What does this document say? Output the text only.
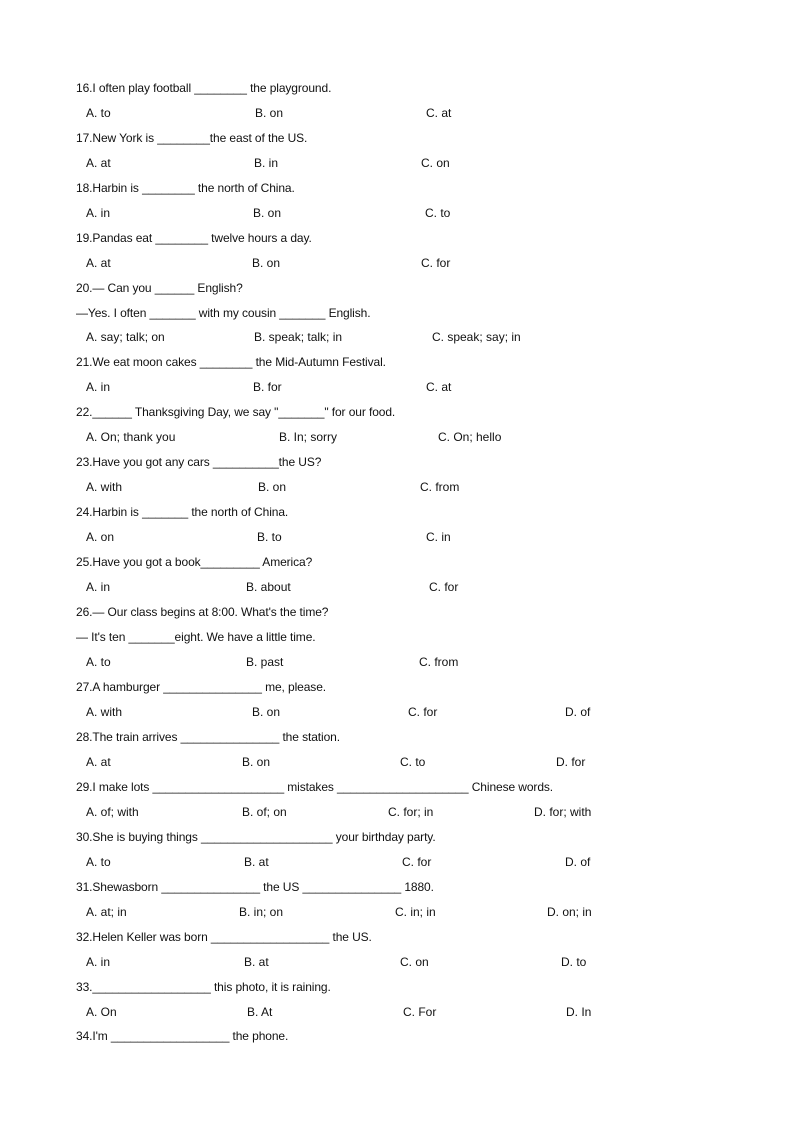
16.I often play football ________ the playground.
A. to	B. on	C. at
17.New York is ________the east of the US.
A. at	B. in	C. on
18.Harbin is ________ the north of China.
A. in	B. on	C. to
19.Pandas eat ________ twelve hours a day.
A. at	B. on	C. for
20.— Can you ______ English?
—Yes. I often _______ with my cousin _______ English.
A. say; talk; on	B. speak; talk; in	C. speak; say; in
21.We eat moon cakes ________ the Mid-Autumn Festival.
A. in	B. for	C. at
22.______ Thanksgiving Day, we say "_______" for our food.
A. On; thank you	B. In; sorry	C. On; hello
23.Have you got any cars __________the US?
A. with	B. on	C. from
24.Harbin is _______ the north of China.
A. on	B. to	C. in
25.Have you got a book_________ America?
A. in	B. about	C. for
26.— Our class begins at 8:00. What's the time?
— It's ten _______eight. We have a little time.
A. to	B. past	C. from
27.A hamburger _______________ me, please.
A. with	B. on	C. for	D. of
28.The train arrives _______________ the station.
A. at	B. on	C. to	D. for
29.I make lots ____________________ mistakes ____________________ Chinese words.
A. of; with	B. of; on	C. for; in	D. for; with
30.She is buying things ____________________ your birthday party.
A. to	B. at	C. for	D. of
31.Shewasborn _______________ the US _______________ 1880.
A. at; in	B. in; on	C. in; in	D. on; in
32.Helen Keller was born __________________ the US.
A. in	B. at	C. on	D. to
33.__________________ this photo, it is raining.
A. On	B. At	C. For	D. In
34.I'm __________________ the phone.
